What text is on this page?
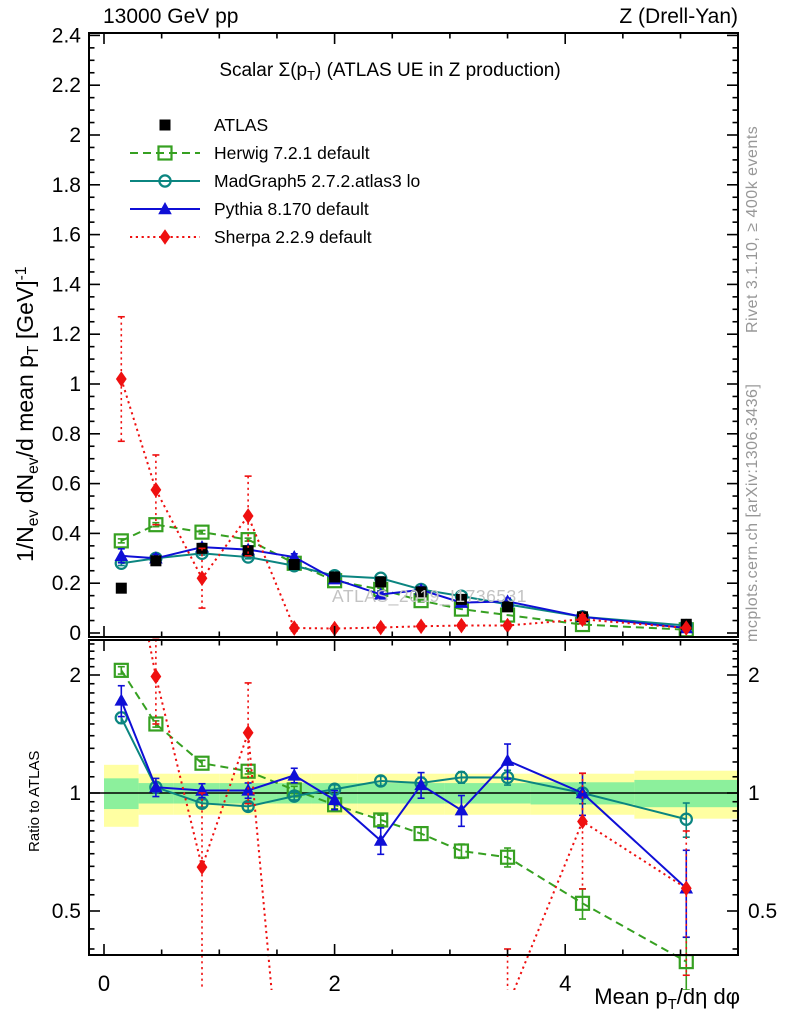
0
0.2
0.4
0.6
0.8
1
1.2
1.4
1.6
1.8
2
2.2
2.4
0.5	0.5
1	1
2	2
0	2	4
13000 GeV pp	Z (Drell-Yan)
Scalar $\Sigma(p_T)$ (ATLAS UE in Z production)
$1/N_{ev}$ $dN_{ev}/d$ mean $p_T$ [GeV]$^{-1}$
Ratio to ATLAS
Rivet 3.1.10, ≥ 400k events
mcplots.cern.ch [arXiv:1306.3436]
ATLAS_2019_I1736531
Mean $p_T/d\eta$ dφ
ATLAS
Herwig 7.2.1 default
MadGraph5 2.7.2.atlas3 lo
Pythia 8.170 default
Sherpa 2.2.9 default
